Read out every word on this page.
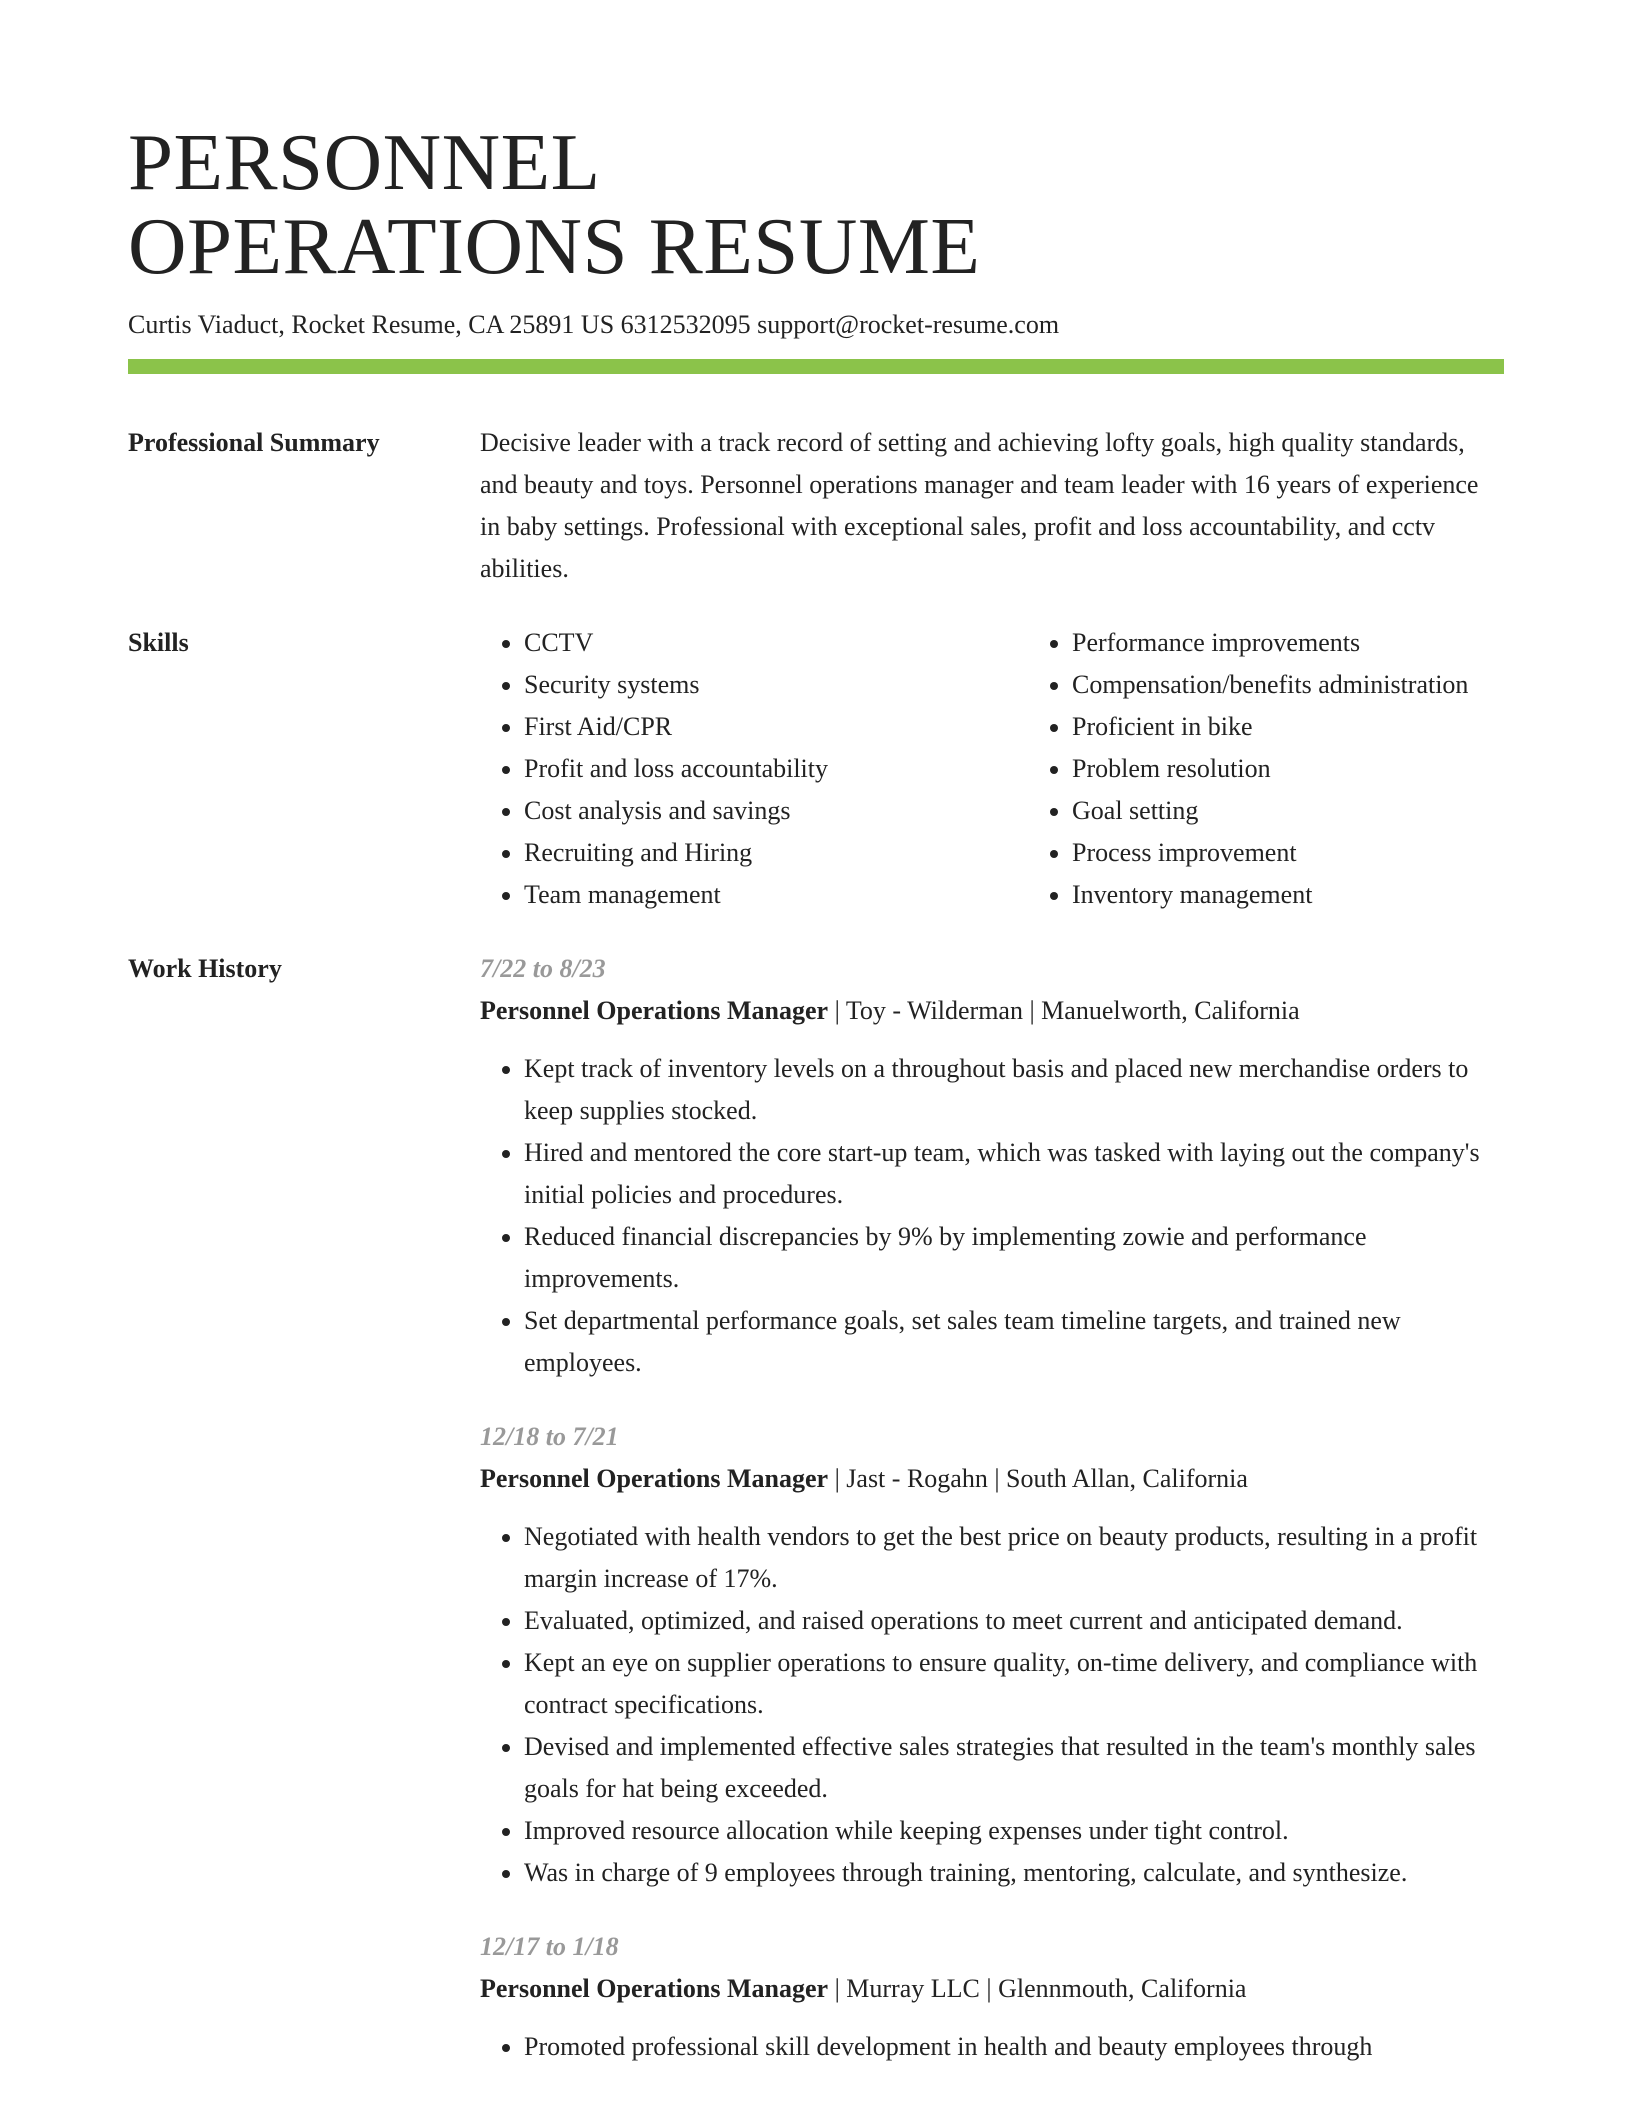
PERSONNEL
OPERATIONS RESUME
Curtis Viaduct, Rocket Resume, CA 25891 US 6312532095 support@rocket-resume.com
Professional Summary	Decisive leader with a track record of setting and achieving lofty goals, high quality standards, and beauty and toys. Personnel operations manager and team leader with 16 years of experience in baby settings. Professional with exceptional sales, profit and loss accountability, and cctv abilities.
Skills
•	CCTV
• Security systems
• First Aid/CPR
• Profit and loss accountability
• Cost analysis and savings
• Recruiting and Hiring
• Team management
• Performance improvements
• Compensation/benefits administration
• Proficient in bike
• Problem resolution
• Goal setting
• Process improvement
• Inventory management
Work History	7/22 to 8/23
Personnel Operations Manager | Toy - Wilderman | Manuelworth, California
• Kept track of inventory levels on a throughout basis and placed new merchandise orders to keep supplies stocked.
• Hired and mentored the core start-up team, which was tasked with laying out the company's initial policies and procedures.
• Reduced financial discrepancies by 9% by implementing zowie and performance improvements.
• Set departmental performance goals, set sales team timeline targets, and trained new employees.
12/18 to 7/21
Personnel Operations Manager | Jast - Rogahn | South Allan, California
• Negotiated with health vendors to get the best price on beauty products, resulting in a profit margin increase of 17%.
• Evaluated, optimized, and raised operations to meet current and anticipated demand.
• Kept an eye on supplier operations to ensure quality, on-time delivery, and compliance with contract specifications.
• Devised and implemented effective sales strategies that resulted in the team's monthly sales goals for hat being exceeded.
• Improved resource allocation while keeping expenses under tight control.
• Was in charge of 9 employees through training, mentoring, calculate, and synthesize.
12/17 to 1/18
Personnel Operations Manager | Murray LLC | Glennmouth, California
• Promoted professional skill development in health and beauty employees through
